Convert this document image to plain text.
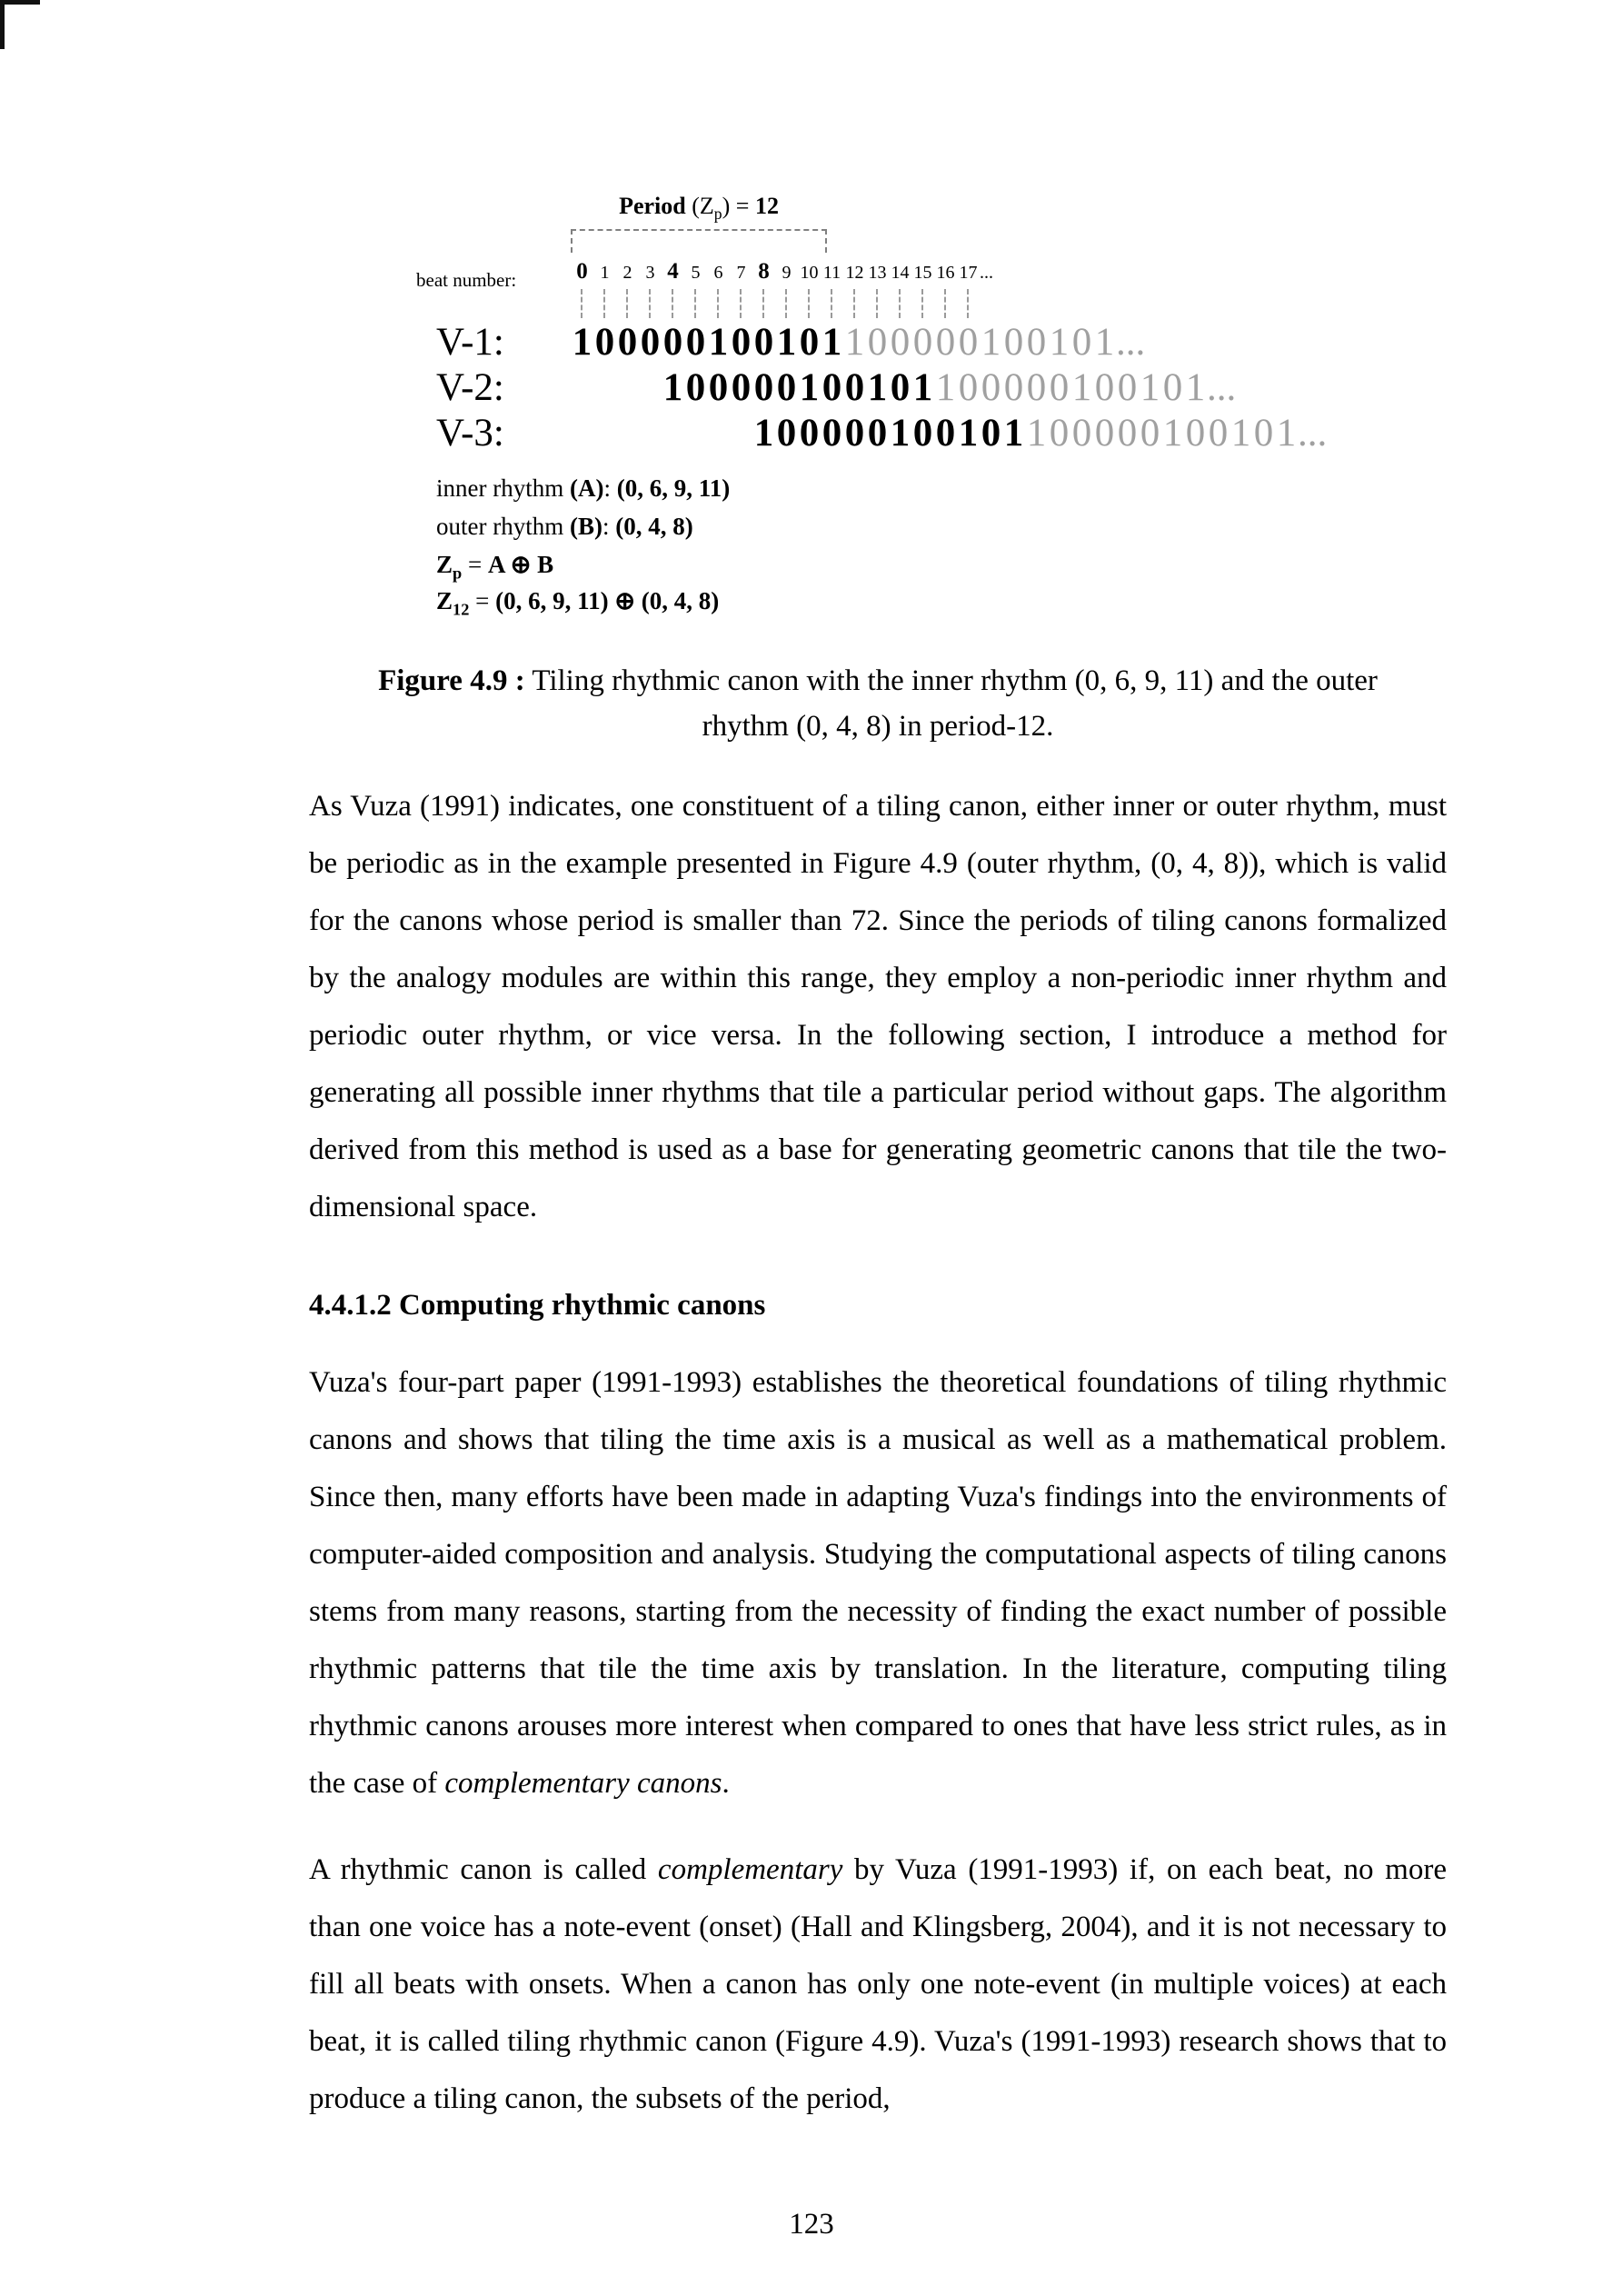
Period $(Z_p) = 12$
beat number:	0 1 2 3 4 5 6 7 8 9 10 11 12 13 14 15 16 17 ...
V-1: 100000100101100000100101...
V-2:	100000100101100000100101...
V-3:	100000100101100000100101...
inner rhythm (A): (0, 6, 9, 11)
outer rhythm (B): (0, 4, 8)
$Z_p = A$ ⊕ B
$Z_{12} = (0$, 6, 9, 11) ⊕ (0, 4, 8)
Figure 4.9 : Tiling rhythmic canon with the inner rhythm (0, 6, 9, 11) and the outer rhythm (0, 4, 8) in period-12.

As Vuza (1991) indicates, one constituent of a tiling canon, either inner or outer rhythm, must be periodic as in the example presented in Figure 4.9 (outer rhythm, (0, 4, 8)), which is valid for the canons whose period is smaller than 72. Since the periods of tiling canons formalized by the analogy modules are within this range, they employ a non-periodic inner rhythm and periodic outer rhythm, or vice versa. In the following section, I introduce a method for generating all possible inner rhythms that tile a particular period without gaps. The algorithm derived from this method is used as a base for generating geometric canons that tile the two-dimensional space.

4.4.1.2 Computing rhythmic canons

Vuza's four-part paper (1991-1993) establishes the theoretical foundations of tiling rhythmic canons and shows that tiling the time axis is a musical as well as a mathematical problem. Since then, many efforts have been made in adapting Vuza's findings into the environments of computer-aided composition and analysis. Studying the computational aspects of tiling canons stems from many reasons, starting from the necessity of finding the exact number of possible rhythmic patterns that tile the time axis by translation. In the literature, computing tiling rhythmic canons arouses more interest when compared to ones that have less strict rules, as in the case of complementary canons.

A rhythmic canon is called complementary by Vuza (1991-1993) if, on each beat, no more than one voice has a note-event (onset) (Hall and Klingsberg, 2004), and it is not necessary to fill all beats with onsets. When a canon has only one note-event (in multiple voices) at each beat, it is called tiling rhythmic canon (Figure 4.9). Vuza's (1991-1993) research shows that to produce a tiling canon, the subsets of the period,

123
